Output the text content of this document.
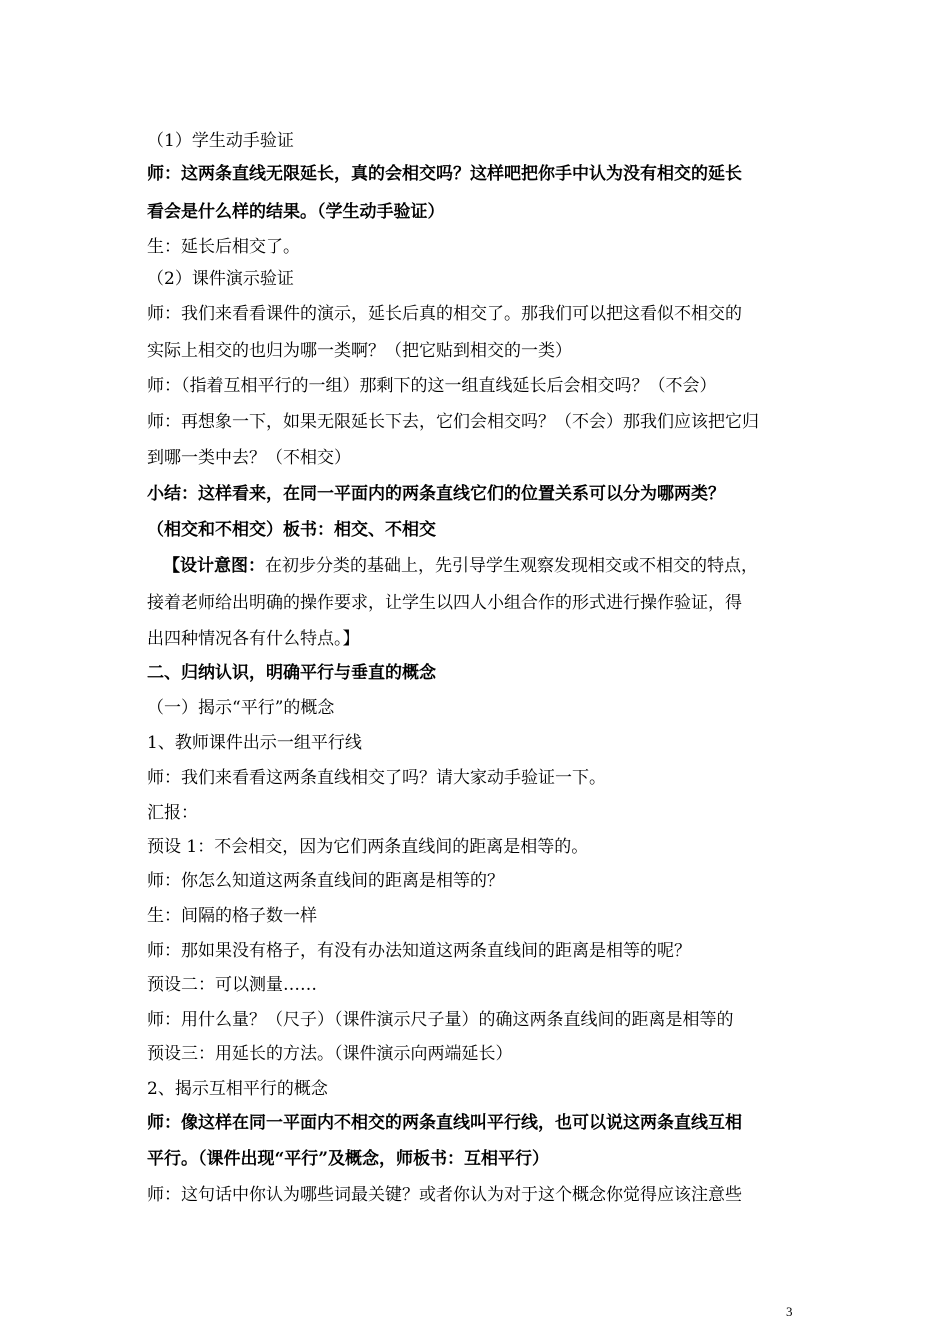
（1）学生动手验证
师：这两条直线无限延长，真的会相交吗？这样吧把你手中认为没有相交的延长
看会是什么样的结果。（学生动手验证）
生：延长后相交了。
（2）课件演示验证
师：我们来看看课件的演示，延长后真的相交了。那我们可以把这看似不相交的
实际上相交的也归为哪一类啊？（把它贴到相交的一类）
师：（指着互相平行的一组）那剩下的这一组直线延长后会相交吗？（不会）
师：再想象一下，如果无限延长下去，它们会相交吗？（不会）那我们应该把它归
到哪一类中去？（不相交）
小结：这样看来，在同一平面内的两条直线它们的位置关系可以分为哪两类？
（相交和不相交）板书：相交、不相交
【设计意图：在初步分类的基础上，先引导学生观察发现相交或不相交的特点，
接着老师给出明确的操作要求，让学生以四人小组合作的形式进行操作验证，得
出四种情况各有什么特点。】
二、归纳认识，明确平行与垂直的概念
（一）揭示“平行”的概念
1、教师课件出示一组平行线
师：我们来看看这两条直线相交了吗？请大家动手验证一下。
汇报：
预设 1：不会相交，因为它们两条直线间的距离是相等的。
师：你怎么知道这两条直线间的距离是相等的？
生：间隔的格子数一样
师：那如果没有格子，有没有办法知道这两条直线间的距离是相等的呢？
预设二：可以测量……
师：用什么量？（尺子）（课件演示尺子量）的确这两条直线间的距离是相等的
预设三：用延长的方法。（课件演示向两端延长）
2、揭示互相平行的概念
师：像这样在同一平面内不相交的两条直线叫平行线，也可以说这两条直线互相
平行。（课件出现“平行”及概念，师板书：互相平行）
师：这句话中你认为哪些词最关键？或者你认为对于这个概念你觉得应该注意些
3
